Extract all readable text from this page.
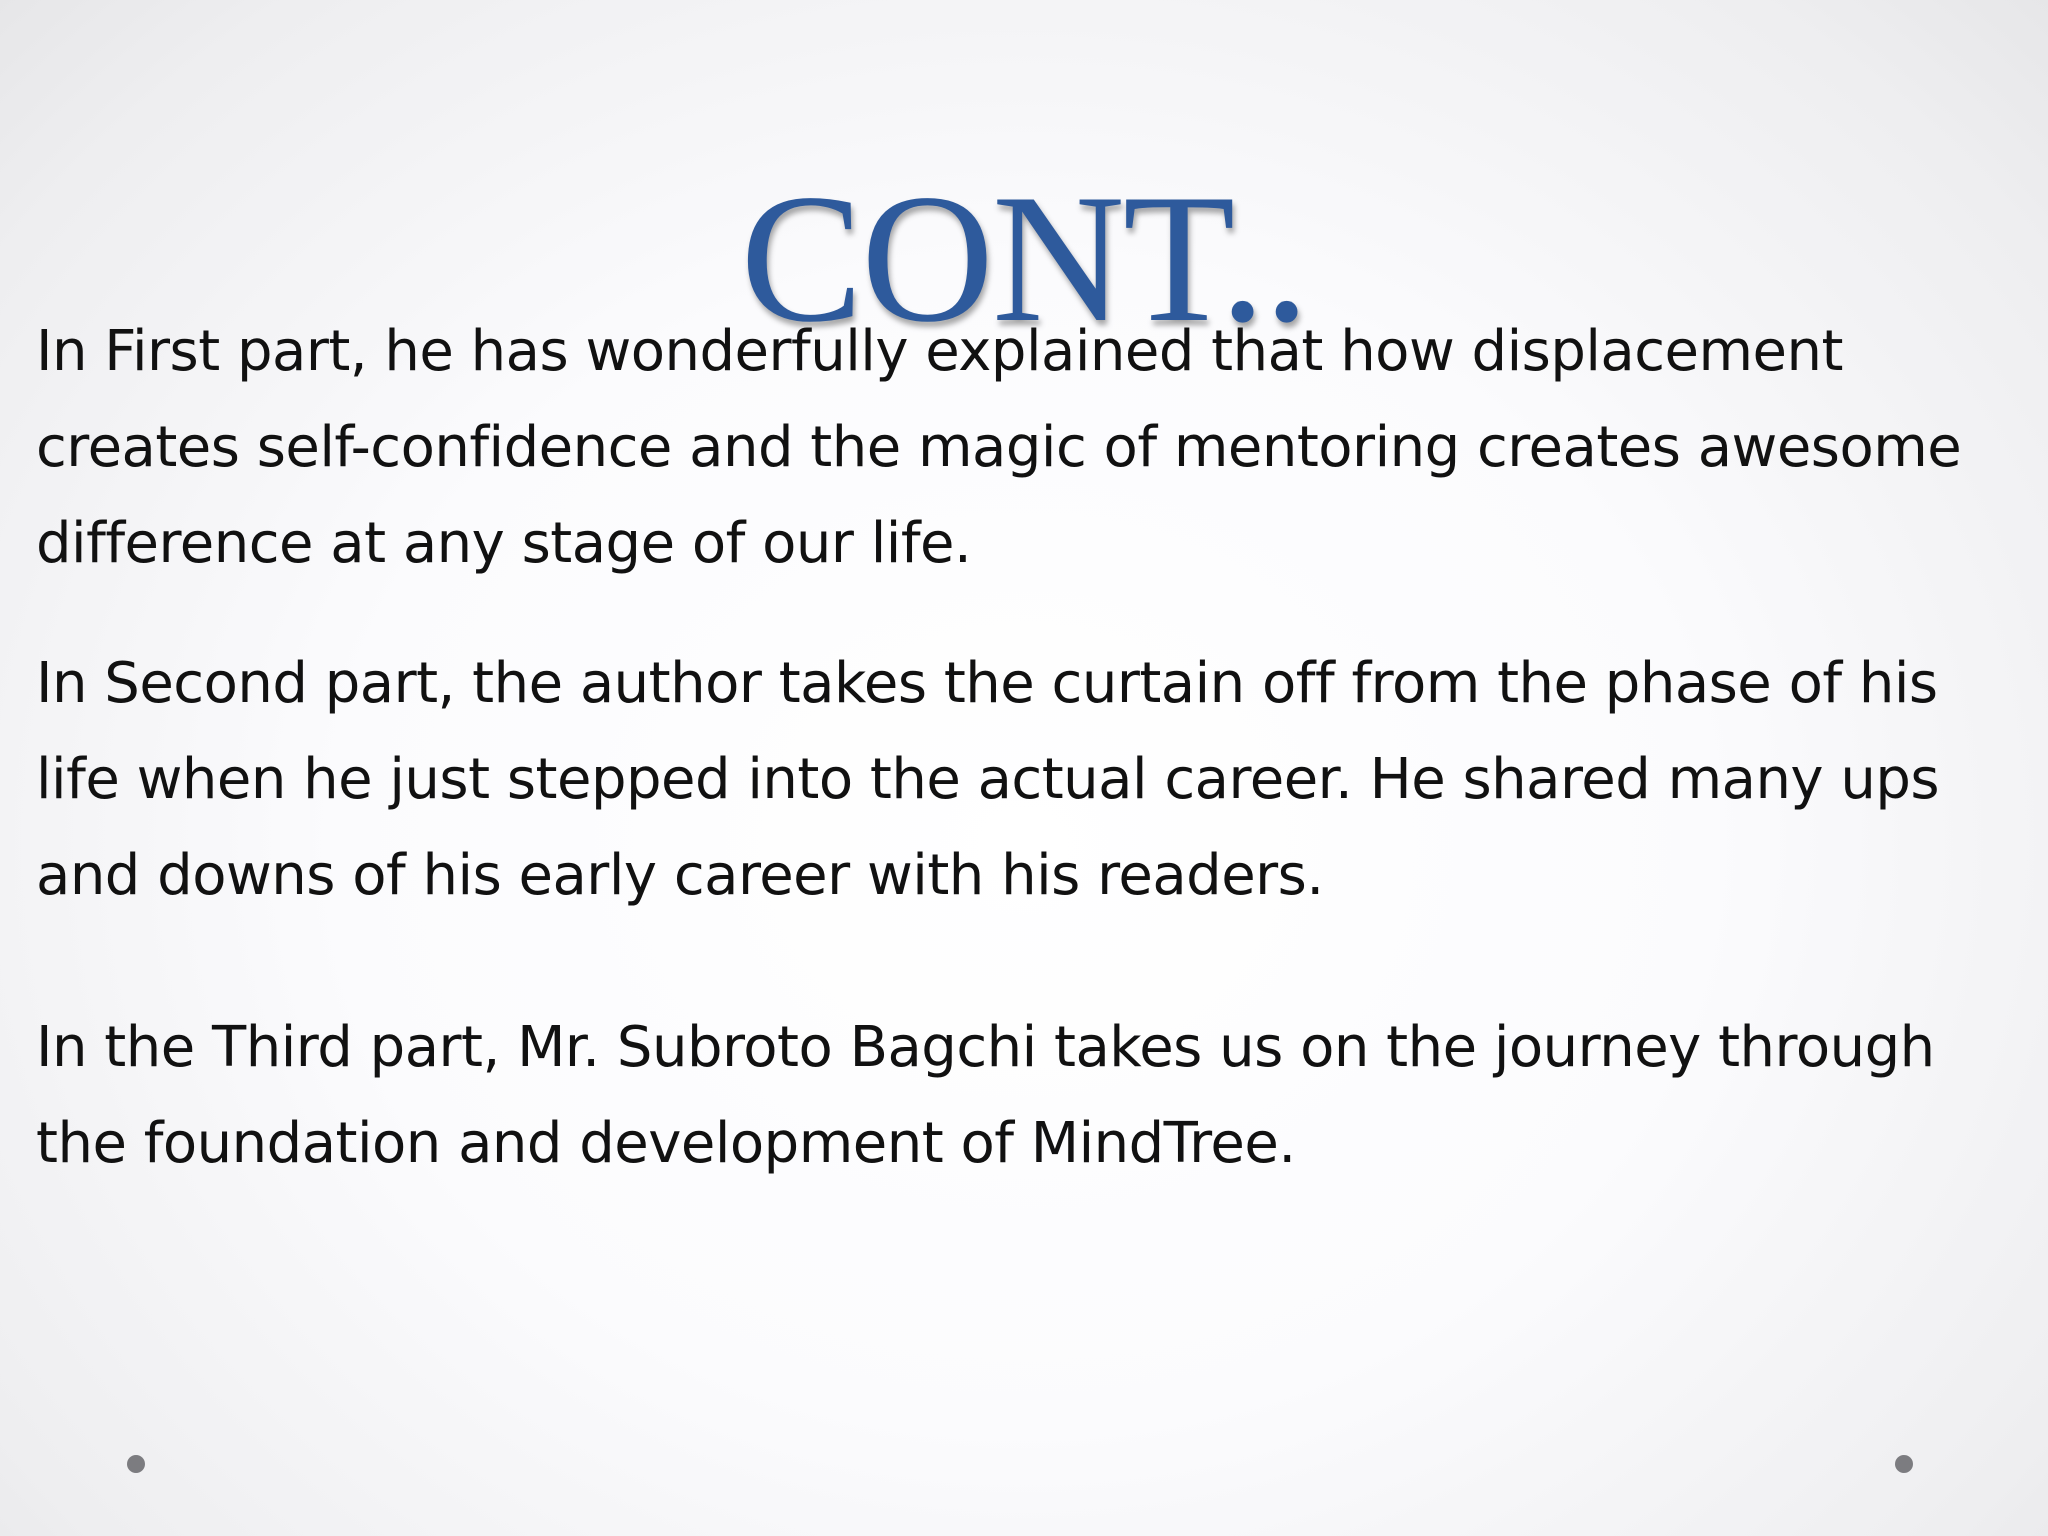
CONT..

In First part, he has wonderfully explained that how displacement creates self-confidence and the magic of mentoring creates awesome difference at any stage of our life.

In Second part, the author takes the curtain off from the phase of his life when he just stepped into the actual career. He shared many ups and downs of his early career with his readers.

In the Third part, Mr. Subroto Bagchi takes us on the journey through the foundation and development of MindTree.
